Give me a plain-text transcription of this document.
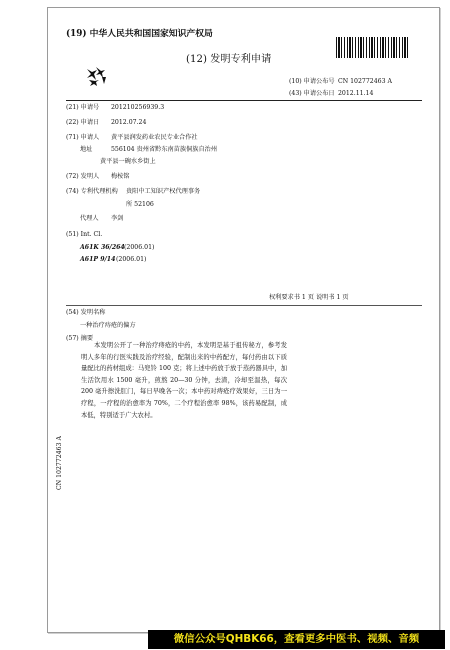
(19) 中华人民共和国国家知识产权局
(12) 发明专利申请
(10) 申请公布号 CN 102772463 A
(43) 申请公布日 2012.11.14
(21) 申请号 201210256939.3
(22) 申请日 2012.07.24
(71) 申请人 黄平县润发药业农民专业合作社
地址	556104 贵州省黔东南苗族侗族自治州
黄平县一碗水乡街上
(72) 发明人 梅桉铭
(74) 专利代理机构 贵阳中工知识产权代理事务
所 52106
代理人 李剑
(51) Int. Cl.
A61K 36/264 (2006.01)
A61P 9/14 (2006.01)
权利要求书 1 页 说明书 1 页
(54) 发明名称
一种治疗痔疮的偏方
(57) 摘要
本发明公开了一种治疗痔疮的中药，本发明是基于祖传秘方，参考发明人多年的行医实践及治疗经验，配制出来的中药配方，每付药由以下质量配比的药材组成：马兜铃 100 克；将上述中药放于放于蒸药器具中，加生活饮用水 1500 毫升，煎熬 20—30 分钟，去渣，冷却至温热，每次 200 毫升擦洗肛门，每日早晚各一次；本中药对痔疮疗效果好，三日为一疗程，一疗程的治愈率为 70%，二个疗程治愈率 98%，该药易配制，成本低，特别适于广大农村。
CN 102772463 A
微信公众号QHBK66，查看更多中医书、视频、音频
